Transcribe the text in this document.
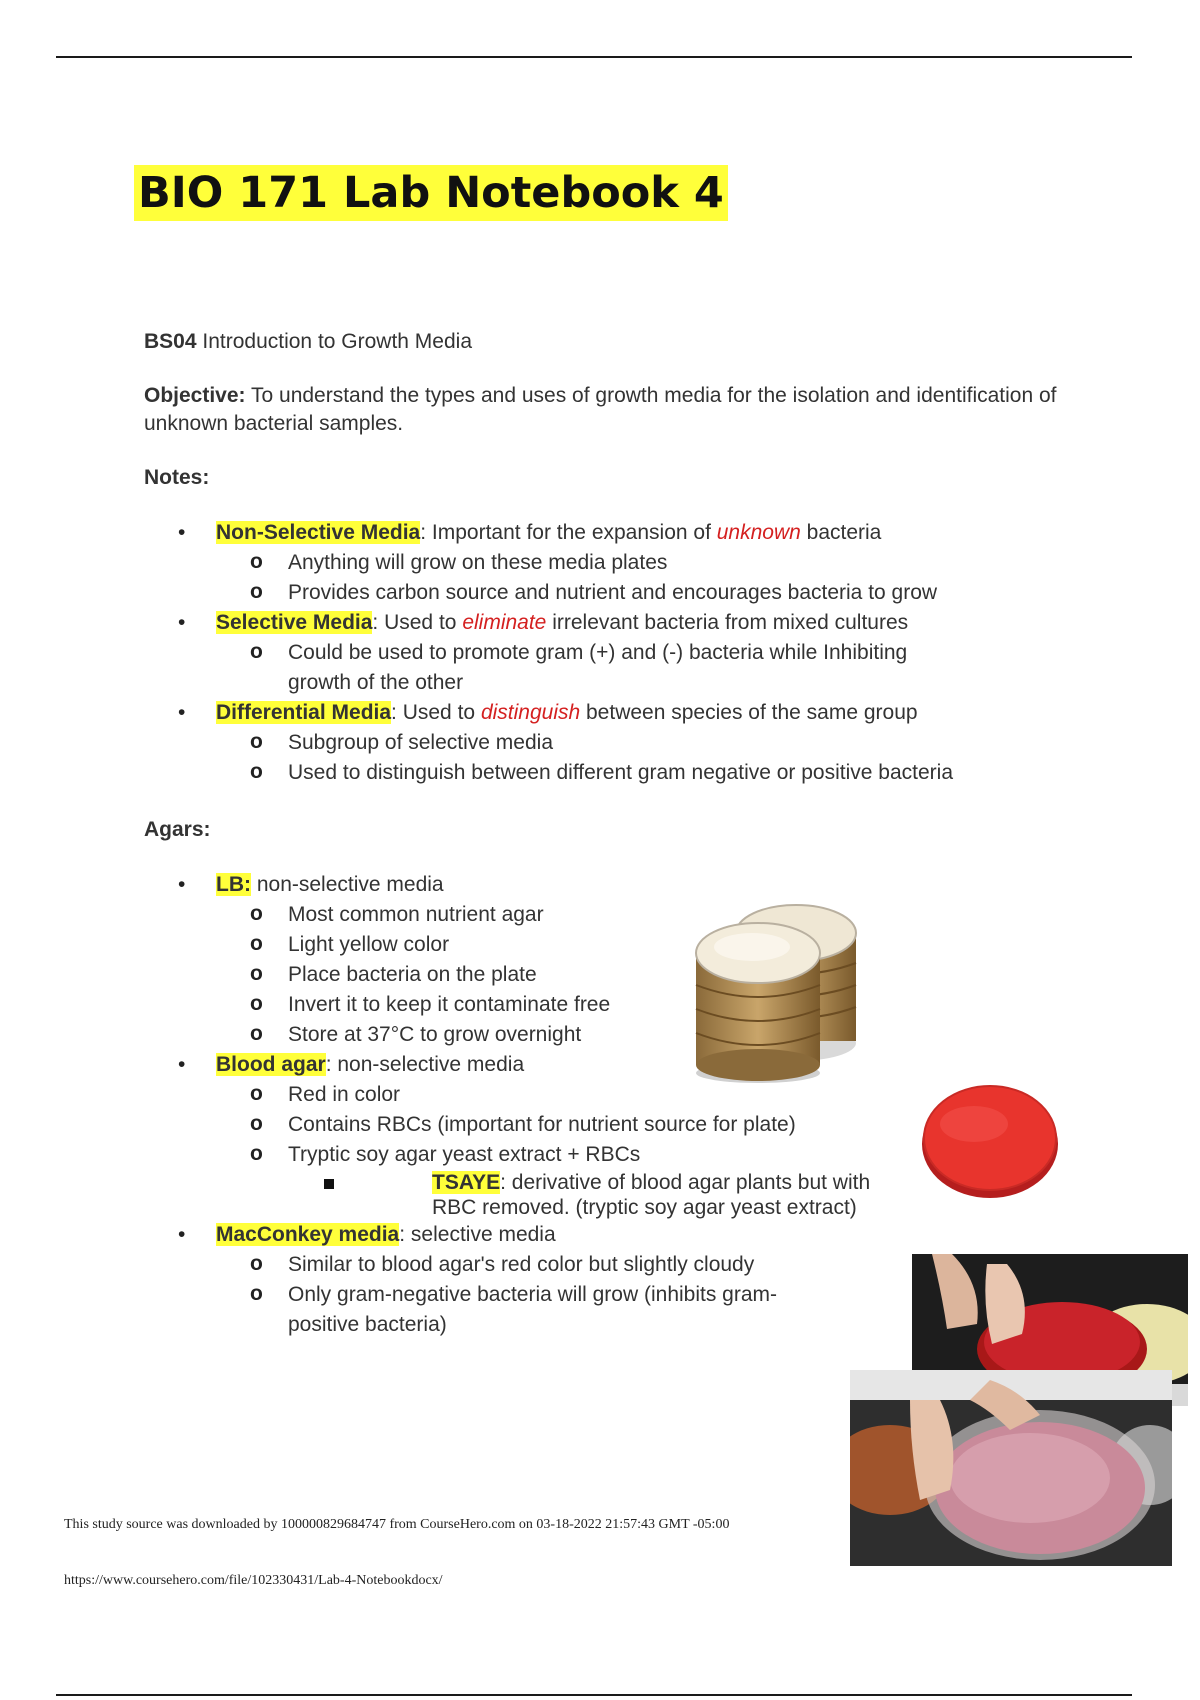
BIO 171 Lab Notebook 4

BS04 Introduction to Growth Media

Objective: To understand the types and uses of growth media for the isolation and identification of unknown bacterial samples.

Notes:

• Non-Selective Media: Important for the expansion of unknown bacteria
o Anything will grow on these media plates
o Provides carbon source and nutrient and encourages bacteria to grow
• Selective Media: Used to eliminate irrelevant bacteria from mixed cultures
o Could be used to promote gram (+) and (-) bacteria while Inhibiting growth of the other
• Differential Media: Used to distinguish between species of the same group
o Subgroup of selective media
o Used to distinguish between different gram negative or positive bacteria

Agars:

• LB: non-selective media
o Most common nutrient agar
o Light yellow color
o Place bacteria on the plate
o Invert it to keep it contaminate free
o Store at 37°C to grow overnight
• Blood agar: non-selective media
o Red in color
o Contains RBCs (important for nutrient source for plate)
o Tryptic soy agar yeast extract + RBCs
TSAYE: derivative of blood agar plants but with RBC removed. (tryptic soy agar yeast extract)
• MacConkey media: selective media
o Similar to blood agar's red color but slightly cloudy
o Only gram-negative bacteria will grow (inhibits gram-positive bacteria)
This study source was downloaded by 100000829684747 from CourseHero.com on 03-18-2022 21:57:43 GMT -05:00
https://www.coursehero.com/file/102330431/Lab-4-Notebookdocx/
